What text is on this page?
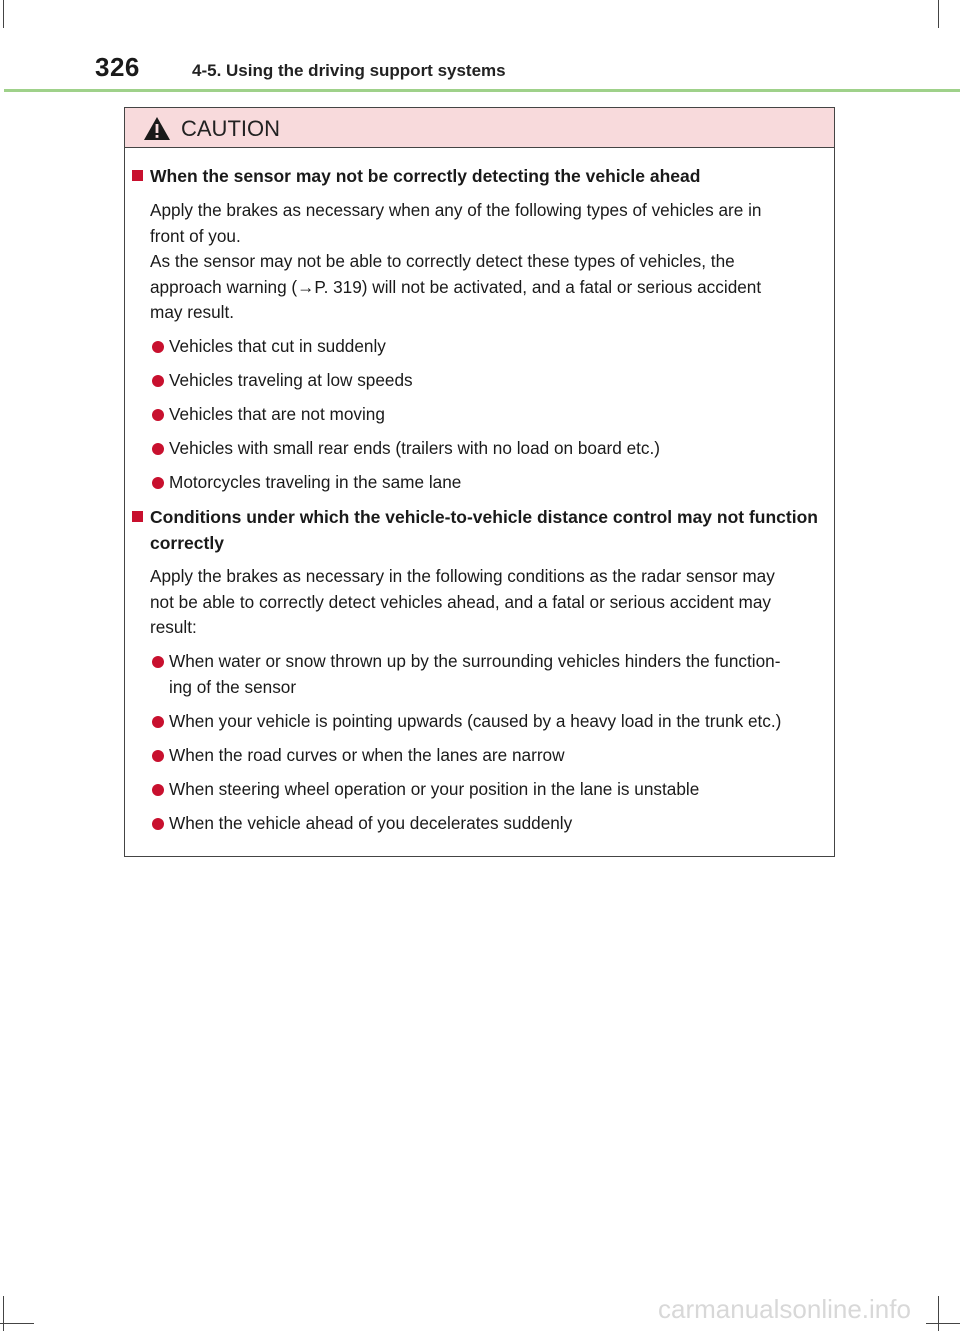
326	4-5. Using the driving support systems
CAUTION
When the sensor may not be correctly detecting the vehicle ahead
Apply the brakes as necessary when any of the following types of vehicles are in
front of you.
As the sensor may not be able to correctly detect these types of vehicles, the
approach warning (→P. 319) will not be activated, and a fatal or serious accident
may result.
Vehicles that cut in suddenly
Vehicles traveling at low speeds
Vehicles that are not moving
Vehicles with small rear ends (trailers with no load on board etc.)
Motorcycles traveling in the same lane
Conditions under which the vehicle-to-vehicle distance control may not function
correctly
Apply the brakes as necessary in the following conditions as the radar sensor may
not be able to correctly detect vehicles ahead, and a fatal or serious accident may
result:
When water or snow thrown up by the surrounding vehicles hinders the function-
ing of the sensor
When your vehicle is pointing upwards (caused by a heavy load in the trunk etc.)
When the road curves or when the lanes are narrow
When steering wheel operation or your position in the lane is unstable
When the vehicle ahead of you decelerates suddenly
carmanualsonline.info
